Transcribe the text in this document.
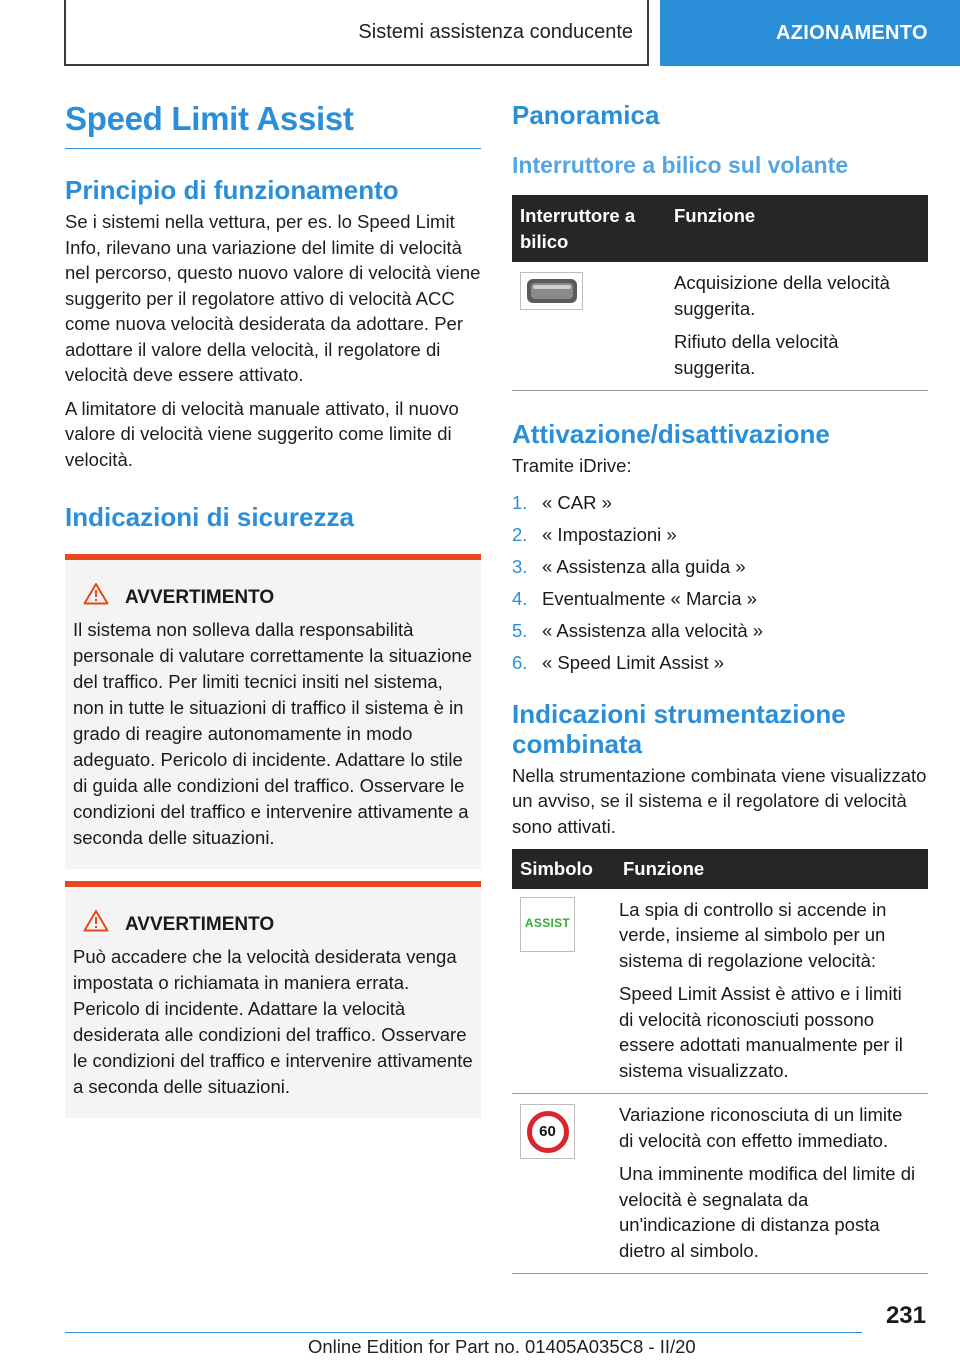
Sistemi assistenza conducente	AZIONAMENTO
Speed Limit Assist
Principio di funzionamento

Se i sistemi nella vettura, per es. lo Speed Limit Info, rilevano una variazione del limite di velocità nel percorso, questo nuovo valore di velocità viene suggerito per il regolatore attivo di velocità ACC come nuova velocità desiderata da adottare. Per adottare il valore della velocità, il regolatore di velocità deve essere attivato.

A limitatore di velocità manuale attivato, il nuovo valore di velocità viene suggerito come limite di velocità.

Indicazioni di sicurezza
AVVERTIMENTO

Il sistema non solleva dalla responsabilità personale di valutare correttamente la situazione del traffico. Per limiti tecnici insiti nel sistema, non in tutte le situazioni di traffico il sistema è in grado di reagire autonomamente in modo adeguato. Pericolo di incidente. Adattare lo stile di guida alle condizioni del traffico. Osservare le condizioni del traffico e intervenire attivamente a seconda delle situazioni.

AVVERTIMENTO

Può accadere che la velocità desiderata venga impostata o richiamata in maniera errata. Pericolo di incidente. Adattare la velocità desiderata alle condizioni del traffico. Osservare le condizioni del traffico e intervenire attivamente a seconda delle situazioni.

Panoramica
Interruttore a bilico sul volante
Interruttore a bilico	Funzione

Acquisizione della velocità suggerita.

Rifiuto della velocità suggerita.

Attivazione/disattivazione

Tramite iDrive:

1. « CAR »
2. « Impostazioni »
3. « Assistenza alla guida »
4. Eventualmente « Marcia »
5. « Assistenza alla velocità »
6. « Speed Limit Assist »
Indicazioni strumentazione combinata

Nella strumentazione combinata viene visualizzato un avviso, se il sistema e il regolatore di velocità sono attivati.

Simbolo	Funzione

ASSIST	La spia di controllo si accende in verde, insieme al simbolo per un sistema di regolazione velocità:

Speed Limit Assist è attivo e i limiti di velocità riconosciuti possono essere adottati manualmente per il sistema visualizzato.

60	Variazione riconosciuta di un limite di velocità con effetto immediato.

Una imminente modifica del limite di velocità è segnalata da un'indicazione di distanza posta dietro al simbolo.

231
Online Edition for Part no. 01405A035C8 - II/20
